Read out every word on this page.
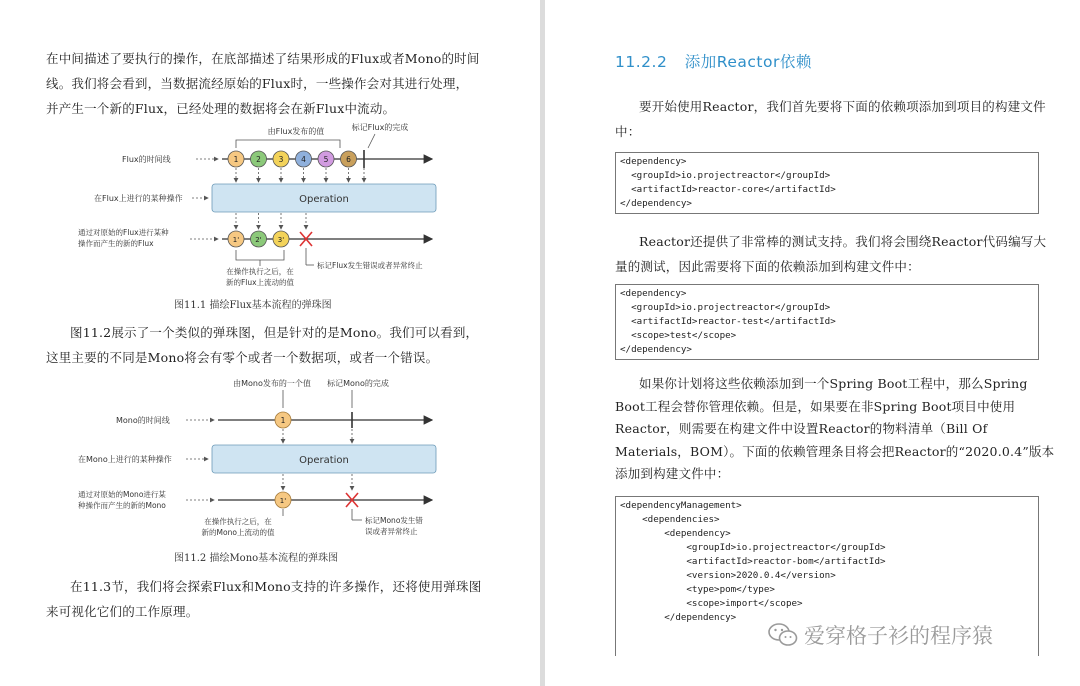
在中间描述了要执行的操作，在底部描述了结果形成的Flux或者Mono的时间
线。我们将会看到，当数据流经原始的Flux时，一些操作会对其进行处理，
并产生一个新的Flux，已经处理的数据将会在新Flux中流动。
由Flux发布的值	标记Flux的完成
Flux的时间线	1 2 3 4 5 6
在Flux上进行的某种操作	Operation
通过对原始的Flux进行某种
操作而产生的新的Flux	1' 2' 3'
在操作执行之后，在
新的Flux上流动的值
标记Flux发生错误或者异常终止
图11.1 描绘Flux基本流程的弹珠图
图11.2展示了一个类似的弹珠图，但是针对的是Mono。我们可以看到，
这里主要的不同是Mono将会有零个或者一个数据项，或者一个错误。
由Mono发布的一个值 标记Mono的完成
Mono的时间线	1
在Mono上进行的某种操作	Operation
通过对原始的Mono进行某
种操作而产生的新的Mono	1'
在操作执行之后，在
新的Mono上流动的值
标记Mono发生错
误或者异常终止
图11.2 描绘Mono基本流程的弹珠图
在11.3节，我们将会探索Flux和Mono支持的许多操作，还将使用弹珠图
来可视化它们的工作原理。
11.2.2 添加Reactor依赖
要开始使用Reactor，我们首先要将下面的依赖项添加到项目的构建文件
中：
<dependency>
<groupId>io.projectreactor</groupId>
<artifactId>reactor-core</artifactId>
</dependency>
Reactor还提供了非常棒的测试支持。我们将会围绕Reactor代码编写大
量的测试，因此需要将下面的依赖添加到构建文件中：
<dependency>
<groupId>io.projectreactor</groupId>
<artifactId>reactor-test</artifactId>
<scope>test</scope>
</dependency>
如果你计划将这些依赖添加到一个Spring Boot工程中，那么Spring
Boot工程会替你管理依赖。但是，如果要在非Spring Boot项目中使用
Reactor，则需要在构建文件中设置Reactor的物料清单（Bill Of
Materials，BOM）。下面的依赖管理条目将会把Reactor的“2020.0.4”版本
添加到构建文件中：
<dependencyManagement>
<dependencies>
<dependency>
<groupId>io.projectreactor</groupId>
<artifactId>reactor-bom</artifactId>
<version>2020.0.4</version>
<type>pom</type>
<scope>import</scope>
</dependency>
爱穿格子衫的程序猿
